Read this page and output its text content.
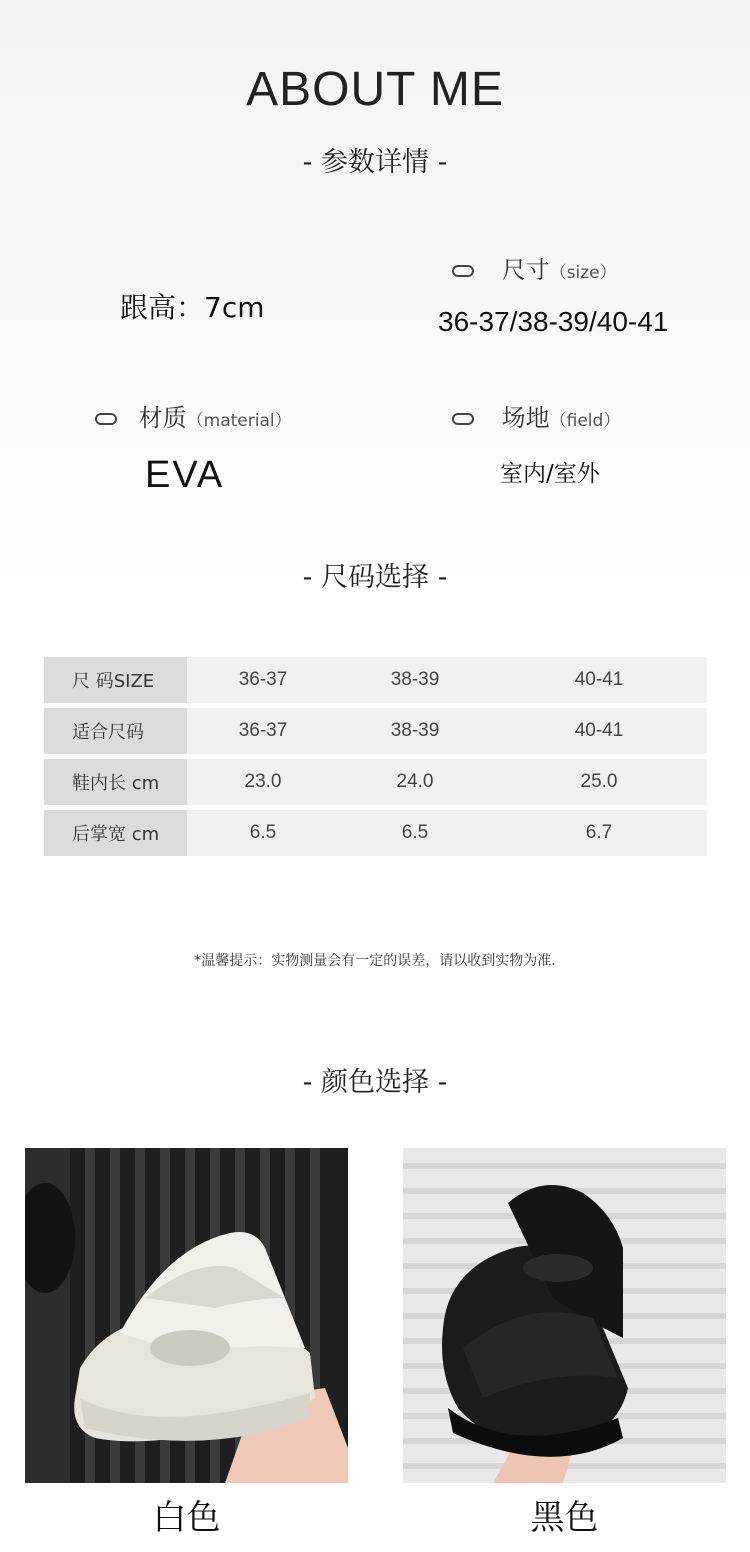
ABOUT ME
- 参数详情 -
跟高：7cm
尺寸（size）
36-37/38-39/40-41
材质（material）
EVA
场地（field）
室内/室外
- 尺码选择 -
尺 码SIZE	36-37	38-39	40-41
适合尺码	36-37	38-39	40-41
鞋内长 cm	23.0	24.0	25.0
后掌宽 cm	6.5	6.5	6.7
*温馨提示：实物测量会有一定的误差，请以收到实物为准.
- 颜色选择 -
白色	黑色
